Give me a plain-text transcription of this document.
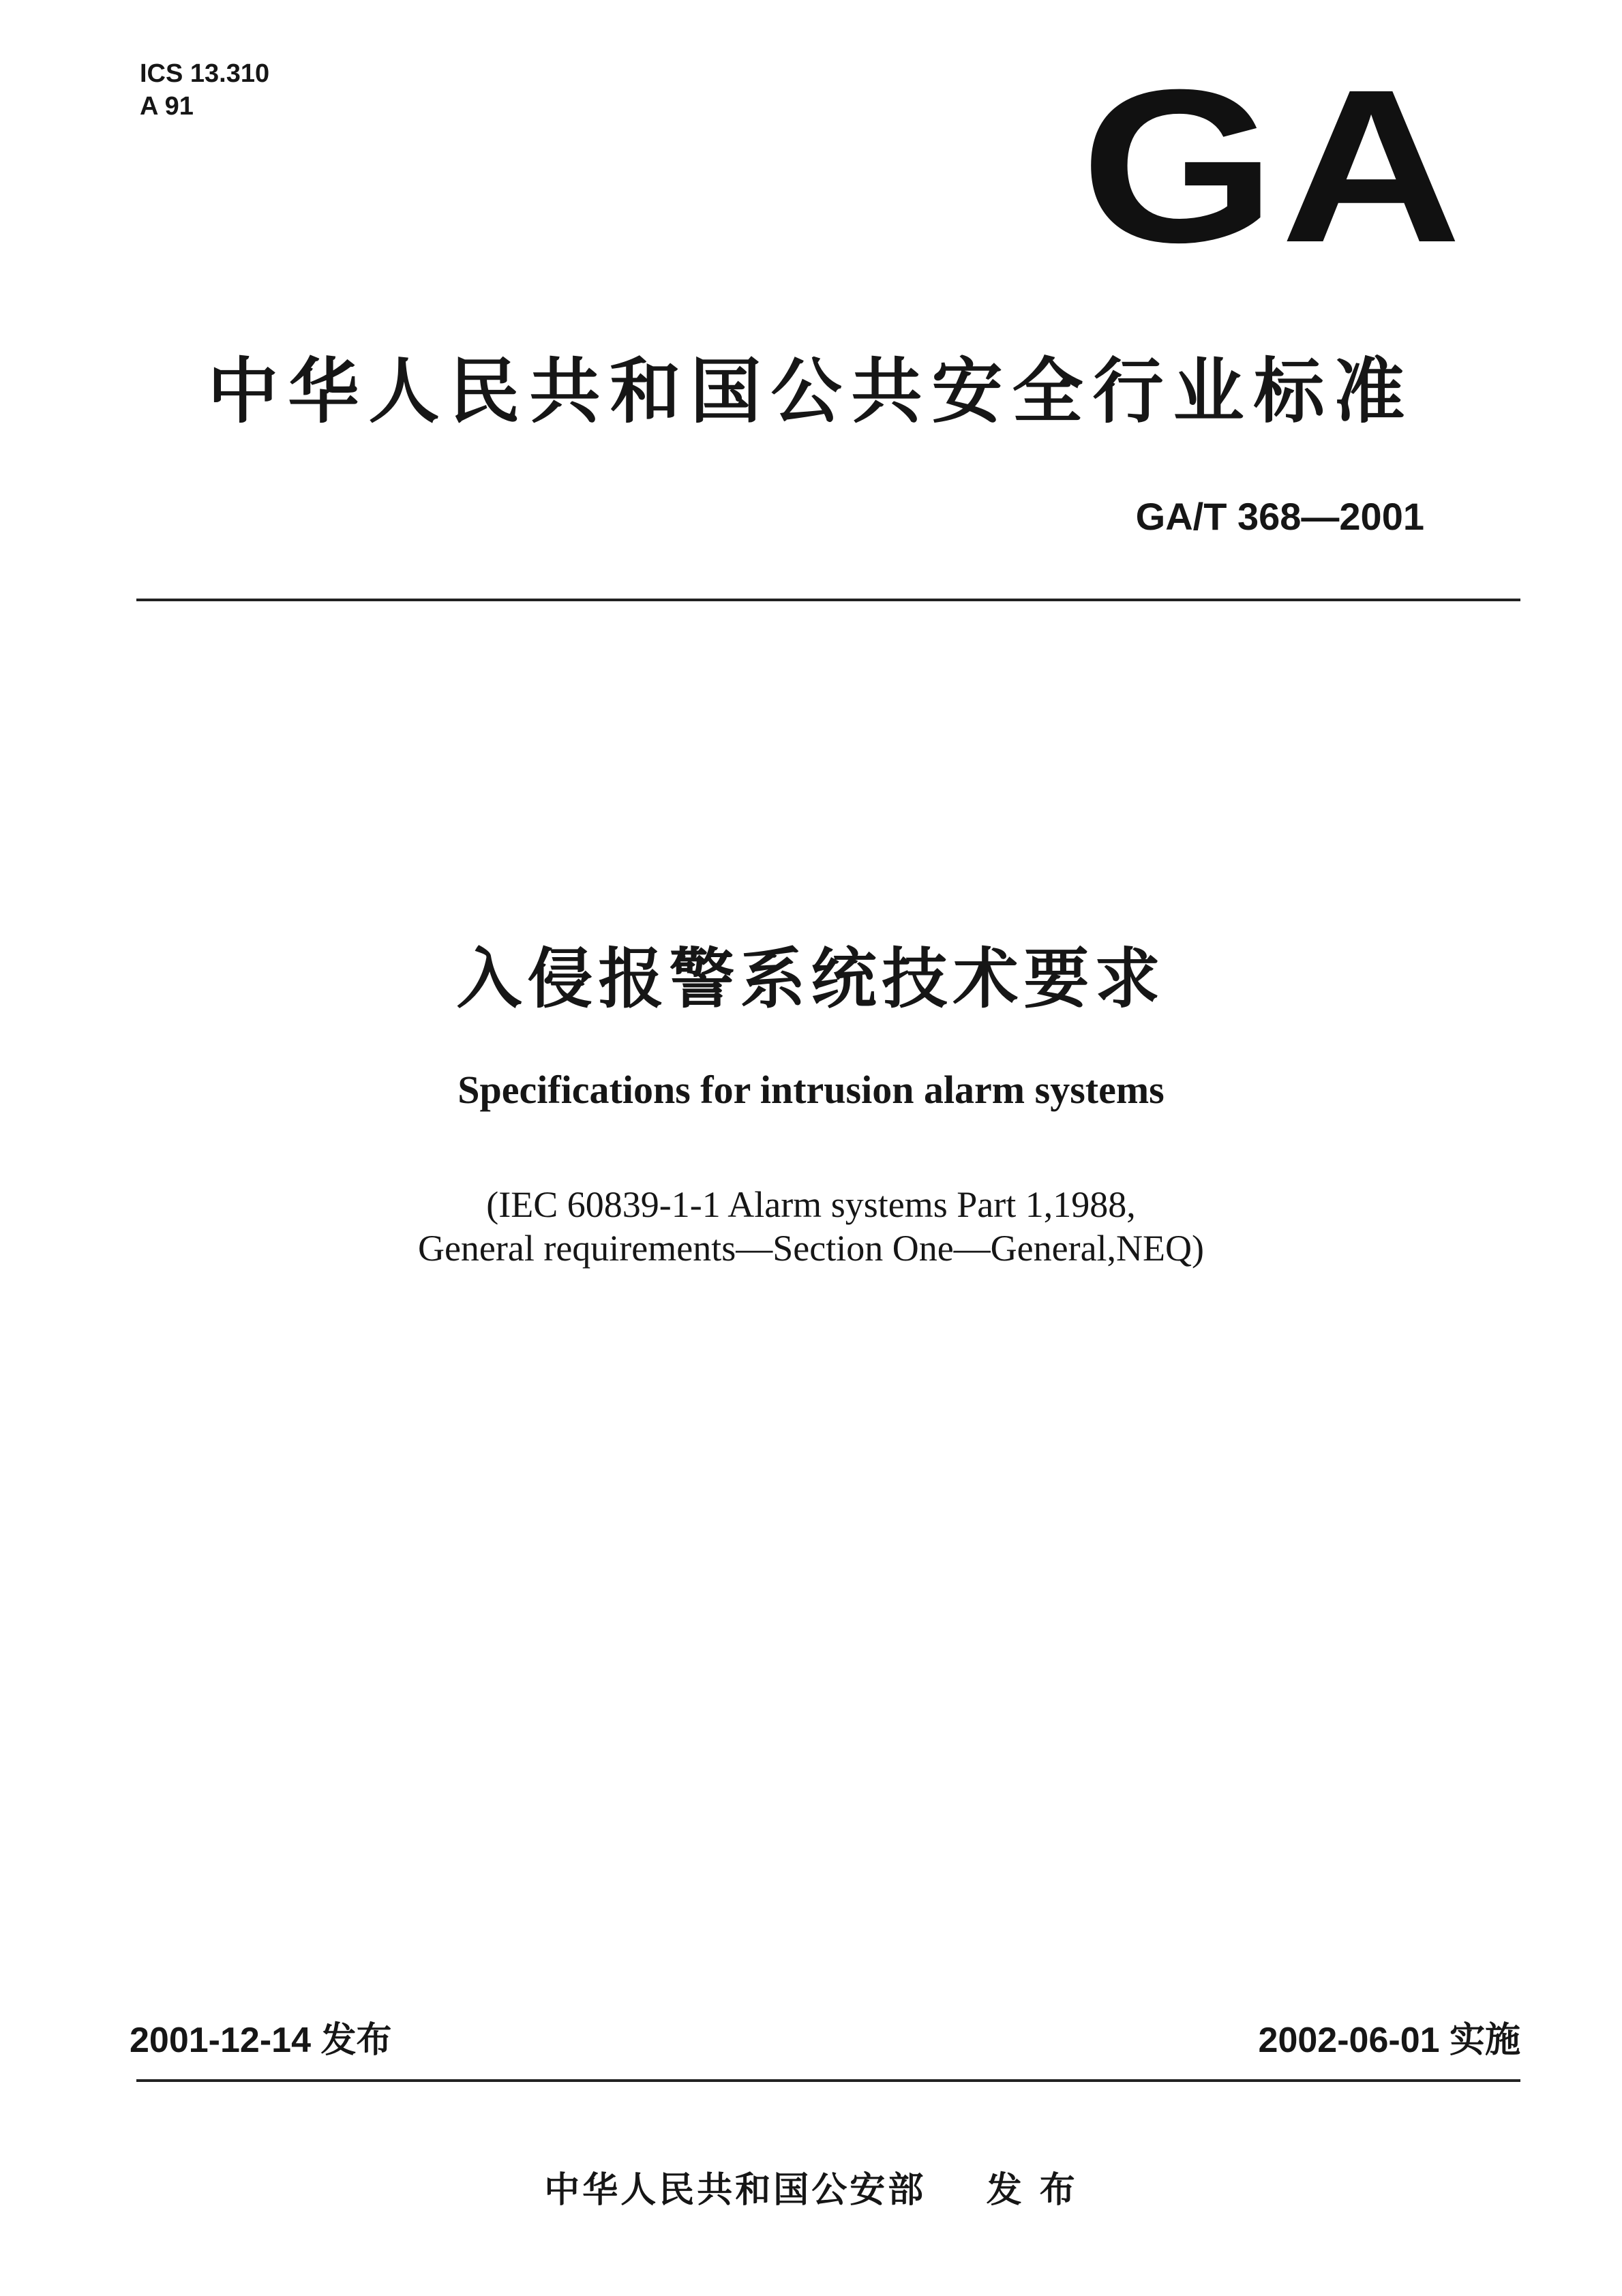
ICS 13.310
A 91	GA
中华人民共和国公共安全行业标准
GA/T 368—2001
入侵报警系统技术要求
Specifications for intrusion alarm systems
(IEC 60839-1-1 Alarm systems Part 1,1988,
General requirements—Section One—General,NEQ)
2001-12-14 发布	2002-06-01 实施
中华人民共和国公安部    发 布
